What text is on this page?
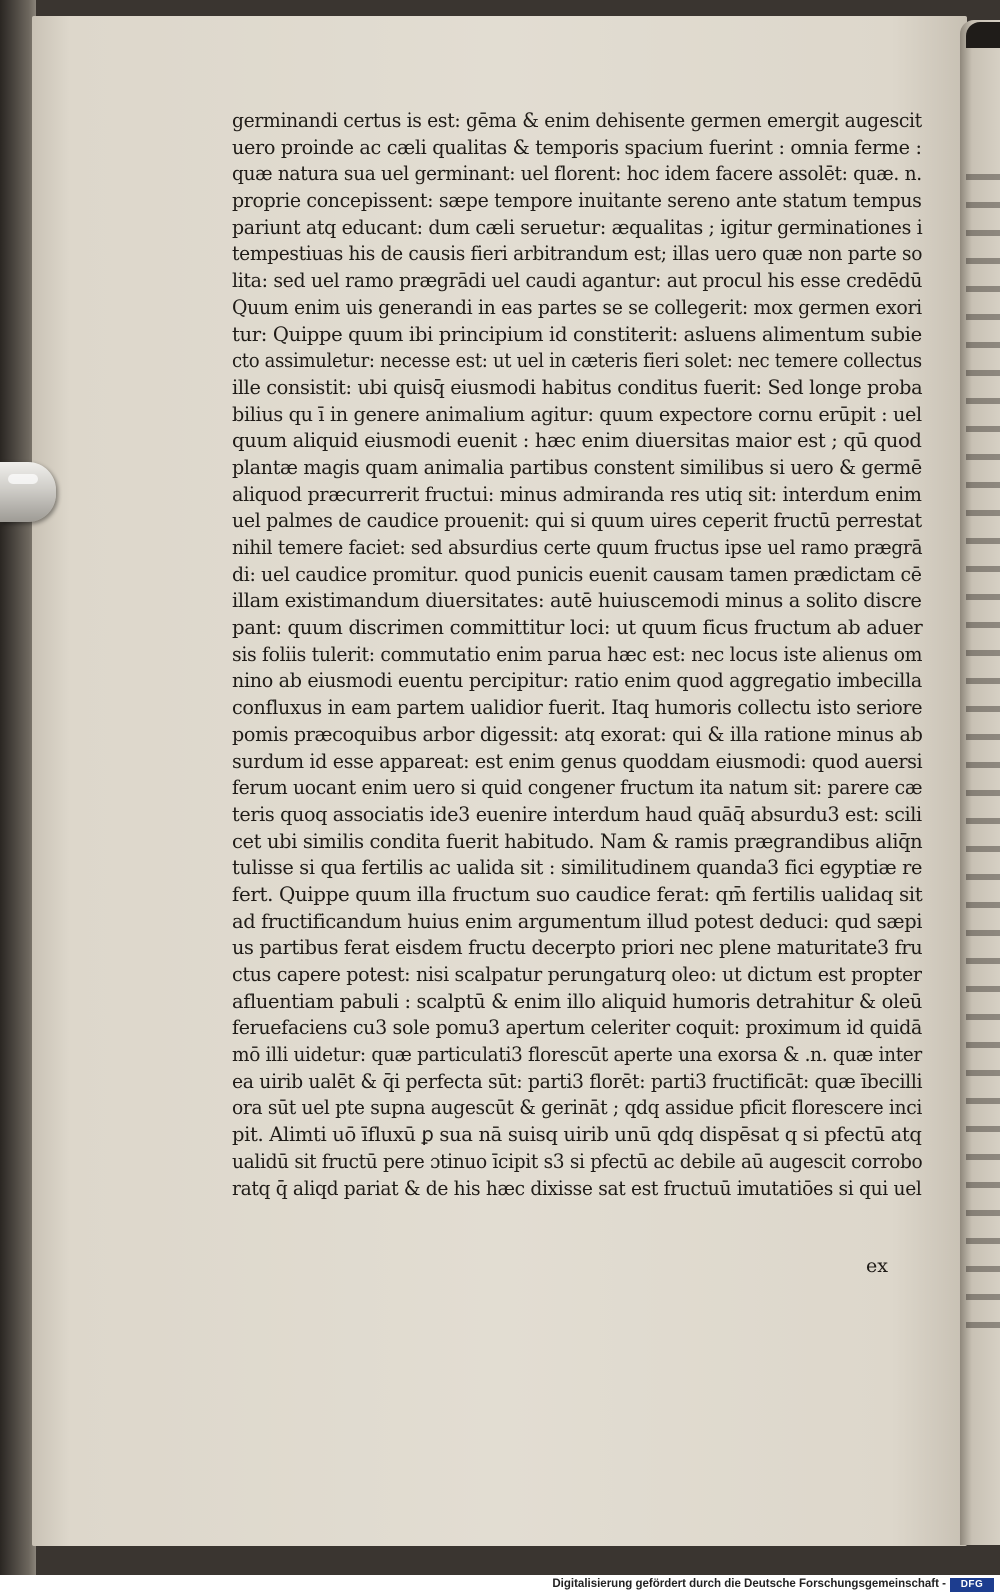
germinandi certus is est: gēma & enim dehisente germen emergit augescit
uero proinde ac cæli qualitas & temporis spacium fuerint : omnia ferme :
quæ natura sua uel germinant: uel florent: hoc idem facere assolēt: quæ. n.
proprie concepissent: sæpe tempore inuitante sereno ante statum tempus
pariunt atq educant: dum cæli seruetur: æqualitas ; igitur germinationes i
tempestiuas his de causis fieri arbitrandum est; illas uero quæ non parte so
lita: sed uel ramo prægrādi uel caudi agantur: aut procul his esse credēdū
Quum enim uis generandi in eas partes se se collegerit: mox germen exori
tur: Quippe quum ibi principium id constiterit: asluens alimentum subie
cto assimuletur: necesse est: ut uel in cæteris fieri solet: nec temere collectus
ille consistit: ubi quisq̄ eiusmodi habitus conditus fuerit: Sed longe proba
bilius qu ī in genere animalium agitur: quum expectore cornu erūpit : uel
quum aliquid eiusmodi euenit : hæc enim diuersitas maior est ; qū quod
plantæ magis quam animalia partibus constent similibus si uero & germē
aliquod præcurrerit fructui: minus admiranda res utiq sit: interdum enim
uel palmes de caudice prouenit: qui si quum uires ceperit fructū perrestat
nihil temere faciet: sed absurdius certe quum fructus ipse uel ramo prægrā
di: uel caudice promitur. quod punicis euenit causam tamen prædictam cē
illam existimandum diuersitates: autē huiuscemodi minus a solito discre
pant: quum discrimen committitur loci: ut quum ficus fructum ab aduer
sis foliis tulerit: commutatio enim parua hæc est: nec locus iste alienus om
nino ab eiusmodi euentu percipitur: ratio enim quod aggregatio imbecilla
confluxus in eam partem ualidior fuerit. Itaq humoris collectu isto seriore
pomis præcoquibus arbor digessit: atq exorat: qui & illa ratione minus ab
surdum id esse appareat: est enim genus quoddam eiusmodi: quod auersi
ferum uocant enim uero si quid congener fructum ita natum sit: parere cæ
teris quoq associatis ide3 euenire interdum haud quāq̄ absurdu3 est: scili
cet ubi similis condita fuerit habitudo. Nam & ramis prægrandibus aliq̄n
tulisse si qua fertilis ac ualida sit : similitudinem quanda3 fici egyptiæ re
fert. Quippe quum illa fructum suo caudice ferat: qm̄ fertilis ualidaq sit
ad fructificandum huius enim argumentum illud potest deduci: qud sæpi
us partibus ferat eisdem fructu decerpto priori nec plene maturitate3 fru
ctus capere potest: nisi scalpatur perungaturq oleo: ut dictum est propter
afluentiam pabuli : scalptū & enim illo aliquid humoris detrahitur & oleū
feruefaciens cu3 sole pomu3 apertum celeriter coquit: proximum id quidā
mō illi uidetur: quæ particulati3 florescūt aperte una exorsa & .n. quæ inter
ea uirib ualēt & q̄i perfecta sūt: parti3 florēt: parti3 fructificāt: quæ ībecilli
ora sūt uel pte supna augescūt & gerināt ; qdq assidue pficit florescere inci
pit. Alimti uō īfluxū ꝑ sua nā suisq uirib unū qdq dispēsat q si pfectū atq
ualidū sit fructū pere ɔtinuo īcipit s3 si pfectū ac debile aū augescit corrobo
ratq q̄ aliqd pariat & de his hæc dixisse sat est fructuū imutatiōes si qui uel
ex
Digitalisierung gefördert durch die Deutsche Forschungsgemeinschaft -	DFG
